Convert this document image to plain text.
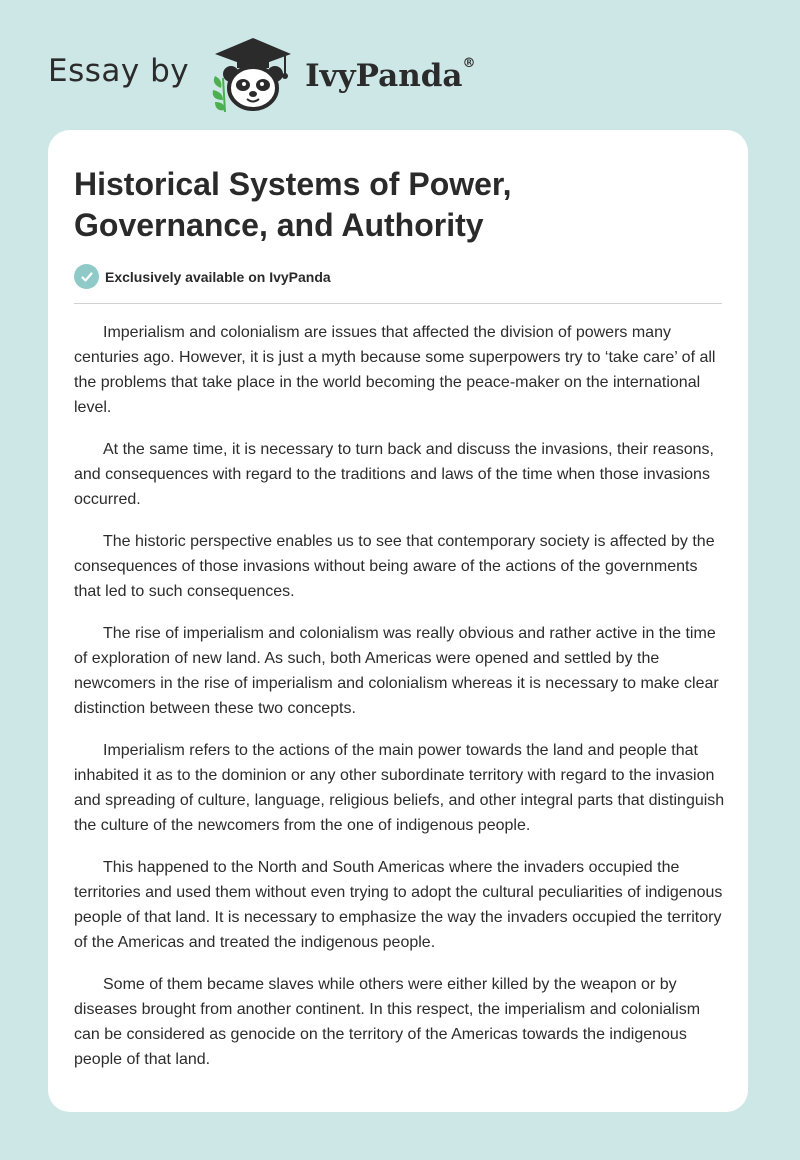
Essay by	IvyPanda®
Historical Systems of Power, Governance, and Authority
Exclusively available on IvyPanda

Imperialism and colonialism are issues that affected the division of powers many centuries ago. However, it is just a myth because some superpowers try to ‘take care’ of all the problems that take place in the world becoming the peace-maker on the international level.

At the same time, it is necessary to turn back and discuss the invasions, their reasons, and consequences with regard to the traditions and laws of the time when those invasions occurred.

The historic perspective enables us to see that contemporary society is affected by the consequences of those invasions without being aware of the actions of the governments that led to such consequences.

The rise of imperialism and colonialism was really obvious and rather active in the time of exploration of new land. As such, both Americas were opened and settled by the newcomers in the rise of imperialism and colonialism whereas it is necessary to make clear distinction between these two concepts.

Imperialism refers to the actions of the main power towards the land and people that inhabited it as to the dominion or any other subordinate territory with regard to the invasion and spreading of culture, language, religious beliefs, and other integral parts that distinguish the culture of the newcomers from the one of indigenous people.

This happened to the North and South Americas where the invaders occupied the territories and used them without even trying to adopt the cultural peculiarities of indigenous people of that land. It is necessary to emphasize the way the invaders occupied the territory of the Americas and treated the indigenous people.

Some of them became slaves while others were either killed by the weapon or by diseases brought from another continent. In this respect, the imperialism and colonialism can be considered as genocide on the territory of the Americas towards the indigenous people of that land.
